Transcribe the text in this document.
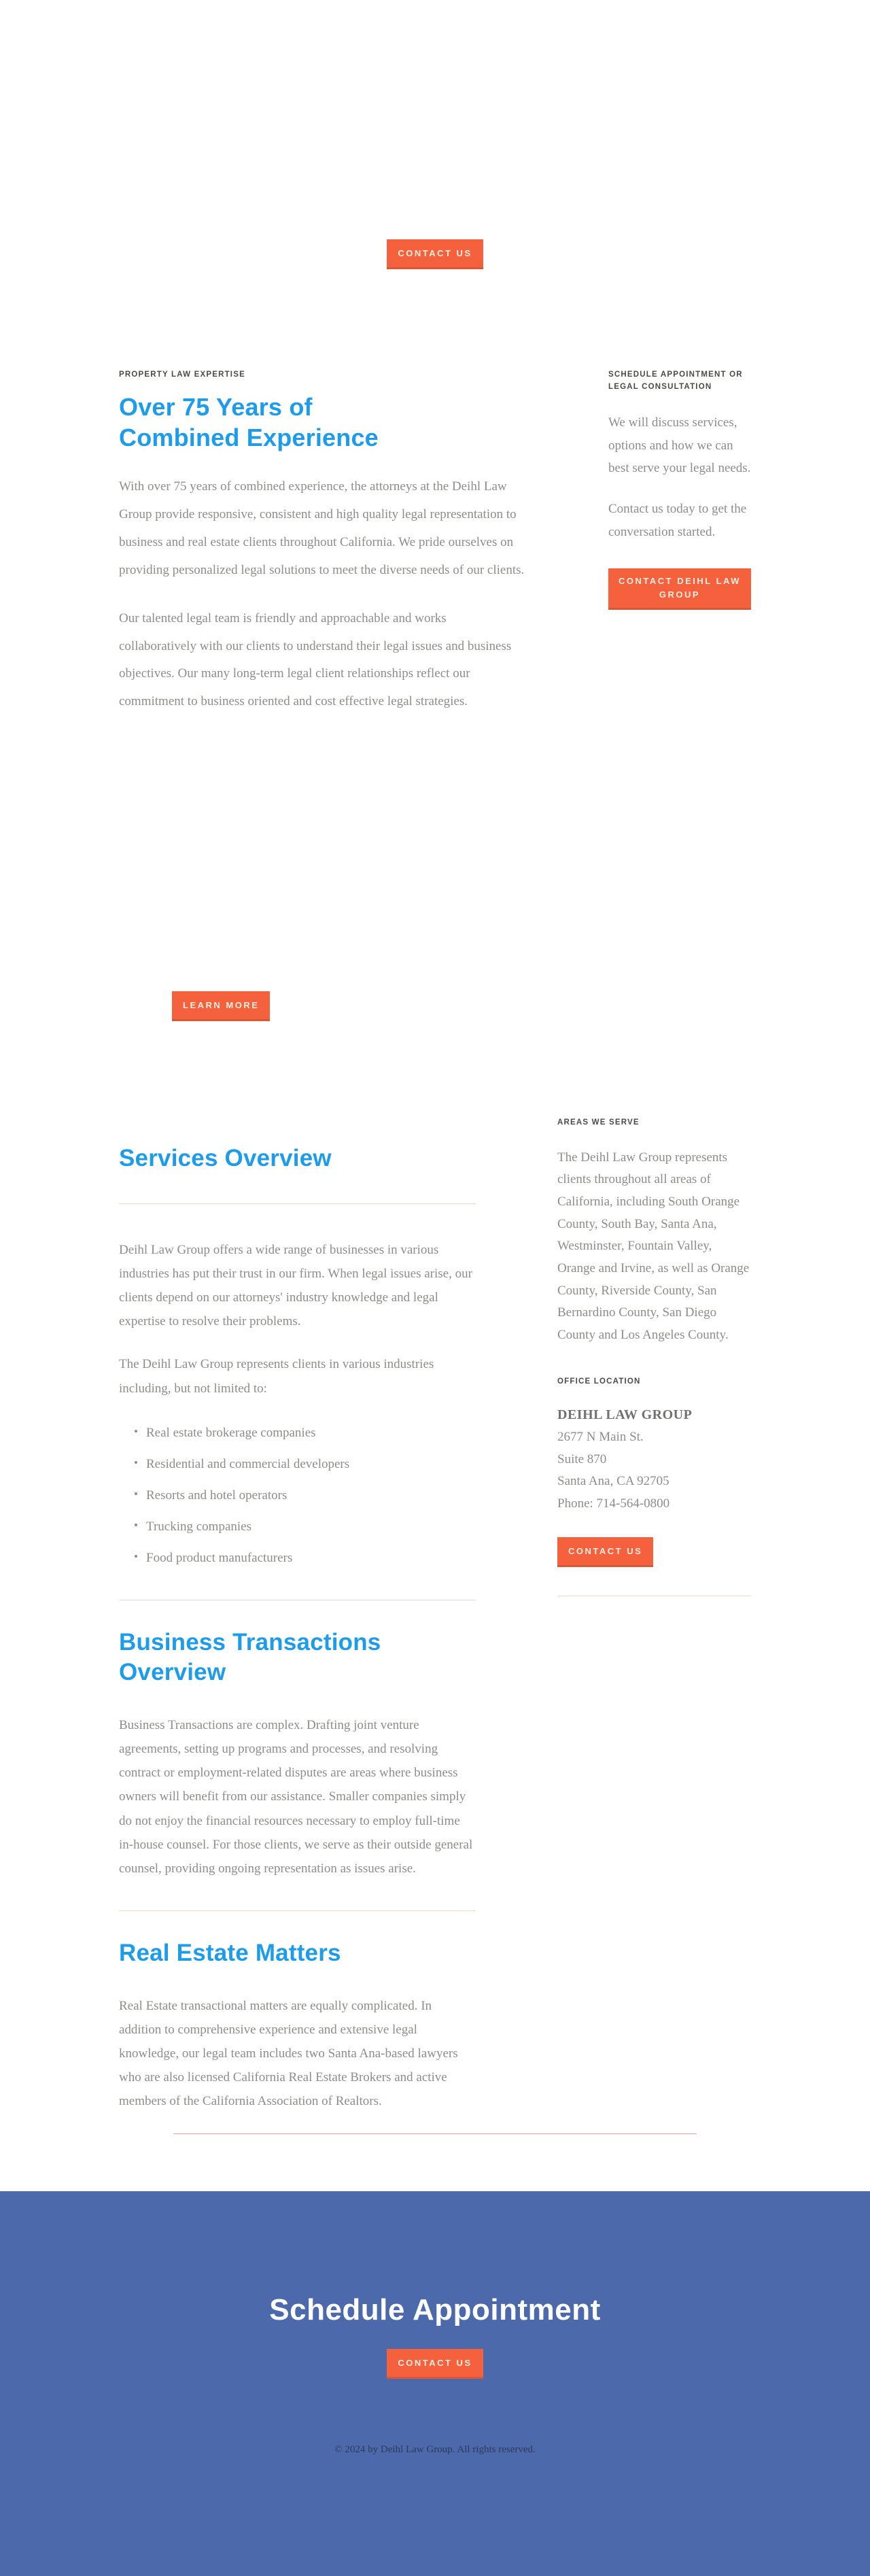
CONTACT US
PROPERTY LAW EXPERTISE
Over 75 Years of Combined Experience

With over 75 years of combined experience, the attorneys at the Deihl Law Group provide responsive, consistent and high quality legal representation to business and real estate clients throughout California. We pride ourselves on providing personalized legal solutions to meet the diverse needs of our clients.

Our talented legal team is friendly and approachable and works collaboratively with our clients to understand their legal issues and business objectives. Our many long-term legal client relationships reflect our commitment to business oriented and cost effective legal strategies.

LEARN MORE
SCHEDULE APPOINTMENT OR LEGAL CONSULTATION

We will discuss services, options and how we can best serve your legal needs.

Contact us today to get the conversation started.

CONTACT DEIHL LAW GROUP
Services Overview

Deihl Law Group offers a wide range of businesses in various industries has put their trust in our firm. When legal issues arise, our clients depend on our attorneys' industry knowledge and legal expertise to resolve their problems.

The Deihl Law Group represents clients in various industries including, but not limited to:

• Real estate brokerage companies
• Residential and commercial developers
• Resorts and hotel operators
• Trucking companies
• Food product manufacturers
Business Transactions Overview

Business Transactions are complex. Drafting joint venture agreements, setting up programs and processes, and resolving contract or employment-related disputes are areas where business owners will benefit from our assistance. Smaller companies simply do not enjoy the financial resources necessary to employ full-time in-house counsel. For those clients, we serve as their outside general counsel, providing ongoing representation as issues arise.

Real Estate Matters

Real Estate transactional matters are equally complicated. In addition to comprehensive experience and extensive legal knowledge, our legal team includes two Santa Ana-based lawyers who are also licensed California Real Estate Brokers and active members of the California Association of Realtors.

AREAS WE SERVE

The Deihl Law Group represents clients throughout all areas of California, including South Orange County, South Bay, Santa Ana, Westminster, Fountain Valley, Orange and Irvine, as well as Orange County, Riverside County, San Bernardino County, San Diego County and Los Angeles County.

OFFICE LOCATION
DEIHL LAW GROUP
2677 N Main St.
Suite 870
Santa Ana, CA 92705
Phone: 714-564-0800
CONTACT US
Schedule Appointment
CONTACT US
© 2024 by Deihl Law Group. All rights reserved.
